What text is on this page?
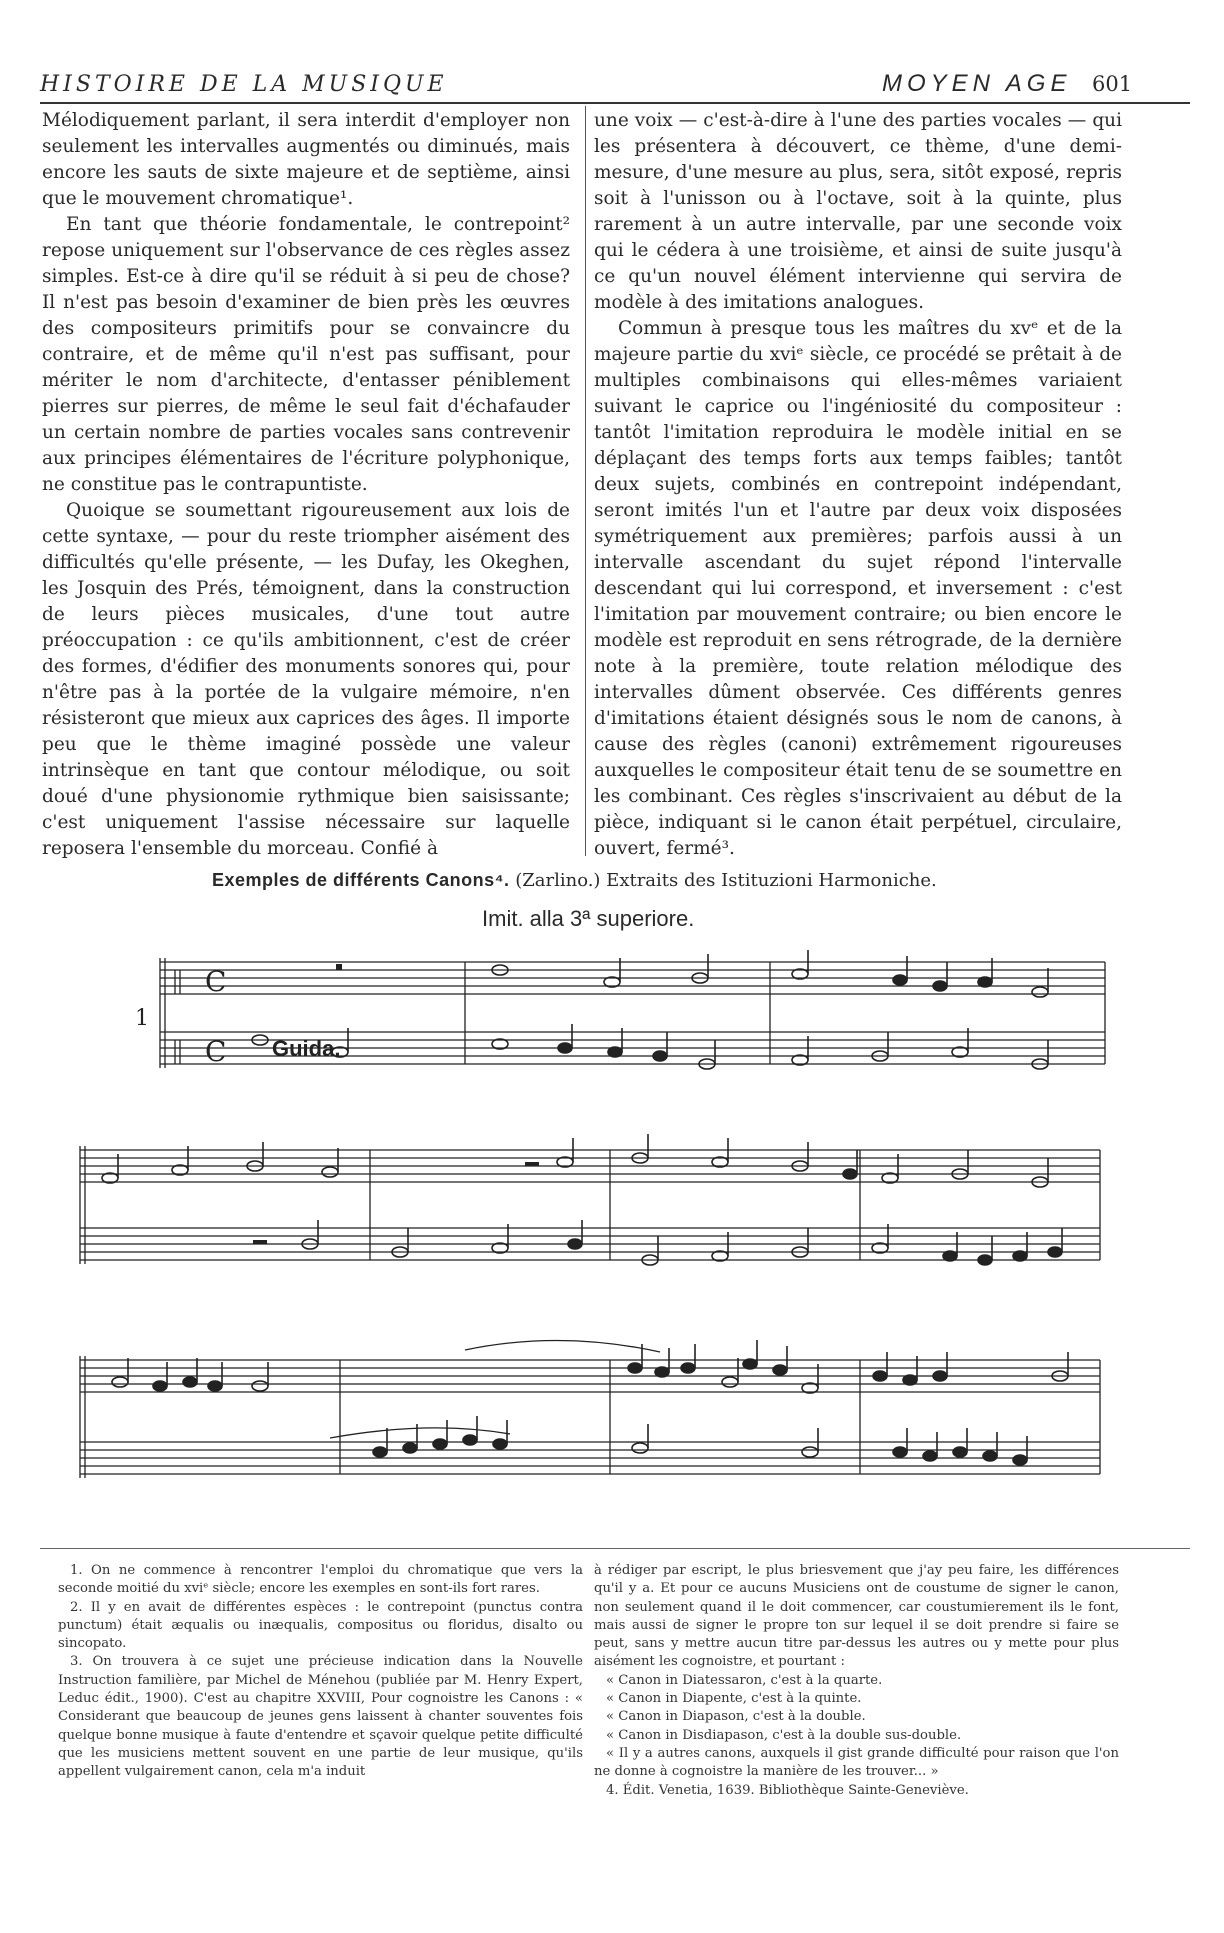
HISTOIRE DE LA MUSIQUE	MOYEN AGE 601

Mélodiquement parlant, il sera interdit d'employer non seulement les intervalles augmentés ou diminués, mais encore les sauts de sixte majeure et de septième, ainsi que le mouvement chromatique¹.

En tant que théorie fondamentale, le contrepoint² repose uniquement sur l'observance de ces règles assez simples. Est-ce à dire qu'il se réduit à si peu de chose? Il n'est pas besoin d'examiner de bien près les œuvres des compositeurs primitifs pour se convaincre du contraire, et de même qu'il n'est pas suffisant, pour mériter le nom d'architecte, d'entasser péniblement pierres sur pierres, de même le seul fait d'échafauder un certain nombre de parties vocales sans contrevenir aux principes élémentaires de l'écriture polyphonique, ne constitue pas le contrapuntiste.

Quoique se soumettant rigoureusement aux lois de cette syntaxe, — pour du reste triompher aisément des difficultés qu'elle présente, — les Dufay, les Okeghen, les Josquin des Prés, témoignent, dans la construction de leurs pièces musicales, d'une tout autre préoccupation : ce qu'ils ambitionnent, c'est de créer des formes, d'édifier des monuments sonores qui, pour n'être pas à la portée de la vulgaire mémoire, n'en résisteront que mieux aux caprices des âges. Il importe peu que le thème imaginé possède une valeur intrinsèque en tant que contour mélodique, ou soit doué d'une physionomie rythmique bien saisissante; c'est uniquement l'assise nécessaire sur laquelle reposera l'ensemble du morceau. Confié à

une voix — c'est-à-dire à l'une des parties vocales — qui les présentera à découvert, ce thème, d'une demi-mesure, d'une mesure au plus, sera, sitôt exposé, repris soit à l'unisson ou à l'octave, soit à la quinte, plus rarement à un autre intervalle, par une seconde voix qui le cédera à une troisième, et ainsi de suite jusqu'à ce qu'un nouvel élément intervienne qui servira de modèle à des imitations analogues.

Commun à presque tous les maîtres du xvᵉ et de la majeure partie du xviᵉ siècle, ce procédé se prêtait à de multiples combinaisons qui elles-mêmes variaient suivant le caprice ou l'ingéniosité du compositeur : tantôt l'imitation reproduira le modèle initial en se déplaçant des temps forts aux temps faibles; tantôt deux sujets, combinés en contrepoint indépendant, seront imités l'un et l'autre par deux voix disposées symétriquement aux premières; parfois aussi à un intervalle ascendant du sujet répond l'intervalle descendant qui lui correspond, et inversement : c'est l'imitation par mouvement contraire; ou bien encore le modèle est reproduit en sens rétrograde, de la dernière note à la première, toute relation mélodique des intervalles dûment observée. Ces différents genres d'imitations étaient désignés sous le nom de canons, à cause des règles (canoni) extrêmement rigoureuses auxquelles le compositeur était tenu de se soumettre en les combinant. Ces règles s'inscrivaient au début de la pièce, indiquant si le canon était perpétuel, circulaire, ouvert, fermé³.

Exemples de différents Canons⁴. (Zarlino.) Extraits des Istituzioni Harmoniche.
Imit. alla 3ª superiore.
C
C
1
Guida.

1. On ne commence à rencontrer l'emploi du chromatique que vers la seconde moitié du xviᵉ siècle; encore les exemples en sont-ils fort rares.

2. Il y en avait de différentes espèces : le contrepoint (punctus contra punctum) était æqualis ou inæqualis, compositus ou floridus, disalto ou sincopato.

3. On trouvera à ce sujet une précieuse indication dans la Nouvelle Instruction familière, par Michel de Ménehou (publiée par M. Henry Expert, Leduc édit., 1900). C'est au chapitre XXVIII, Pour cognoistre les Canons : « Considerant que beaucoup de jeunes gens laissent à chanter souventes fois quelque bonne musique à faute d'entendre et sçavoir quelque petite difficulté que les musiciens mettent souvent en une partie de leur musique, qu'ils appellent vulgairement canon, cela m'a induit

à rédiger par escript, le plus briesvement que j'ay peu faire, les différences qu'il y a. Et pour ce aucuns Musiciens ont de coustume de signer le canon, non seulement quand il le doit commencer, car coustumierement ils le font, mais aussi de signer le propre ton sur lequel il se doit prendre si faire se peut, sans y mettre aucun titre par-dessus les autres ou y mette pour plus aisément les cognoistre, et pourtant :

« Canon in Diatessaron, c'est à la quarte.

« Canon in Diapente, c'est à la quinte.

« Canon in Diapason, c'est à la double.

« Canon in Disdiapason, c'est à la double sus-double.

« Il y a autres canons, auxquels il gist grande difficulté pour raison que l'on ne donne à cognoistre la manière de les trouver... »

4. Édit. Venetia, 1639. Bibliothèque Sainte-Geneviève.
